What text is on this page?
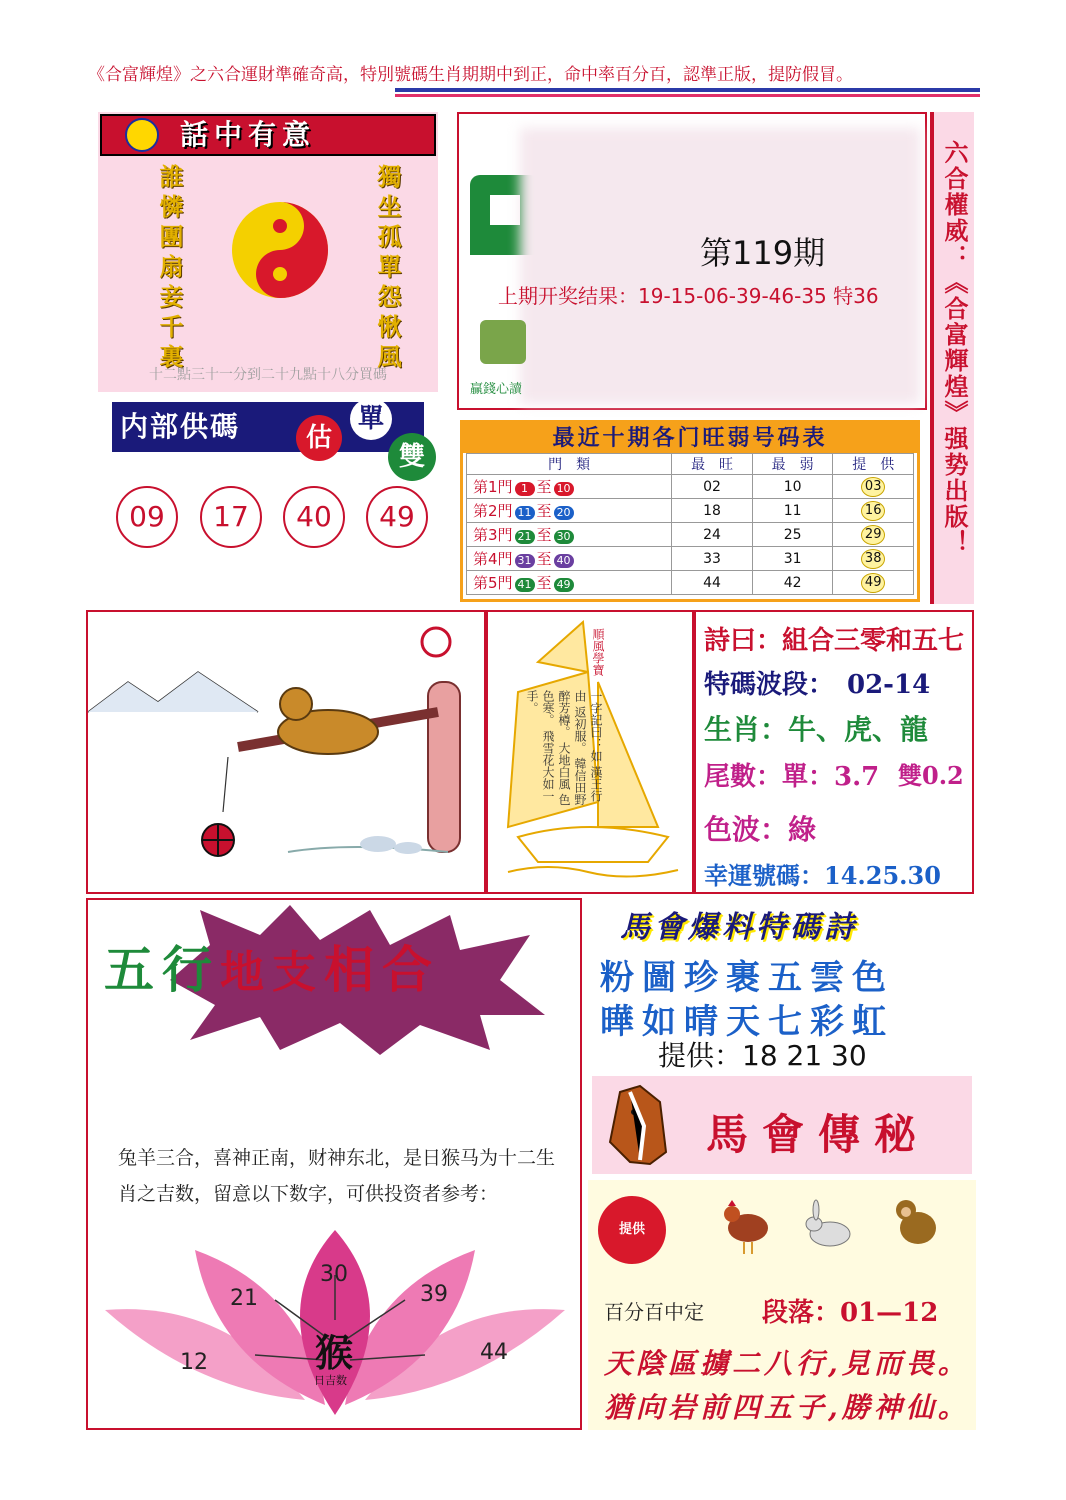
《合富輝煌》之六合運財準確奇高，特別號碼生肖期期中到正，命中率百分百，認準正版，提防假冒。
話中有意
誰憐團扇妾千裏	獨坐孤單怨愀風
十二點三十一分到二十九點十八分買碼
内部供碼	估
單
雙
09	17	40	49
第119期
上期开奖结果：19-15-06-39-46-35 特36
贏錢心讀	六合權威：《合富輝煌》强势出版！
最近十期各门旺弱号码表
門　類	最　旺	最　弱	提　供
第1門 1 至 10	02	10	03
第2門 11 至 20	18	11	16
第3門 21 至 30	24	25	29
第4門 31 至 40	33	31	38
第5門 41 至 49	44	42	49
順風學寶
一字記曰：如 漢王行由 返初服。 韓信田野 醉芳樽。 大地白風 色色寒。 飛雪花大如一手。
詩曰：組合三零和五七
特碼波段：　02-14
生肖：牛、虎、龍
尾數：單：3.7 雙0.2
色波：綠
幸運號碼：14.25.30
五行地支相合
兔羊三合，喜神正南，财神东北，是日猴马为十二生肖之吉数，留意以下数字，可供投资者参考：
12
21
30
39
44
猴
日吉数
馬會爆料特碼詩
粉圖珍裹五雲色
曄如晴天七彩虹
提供：18 21 30
馬會傳秘
提供
百分百中定 段落：01—12
天陰區擄二八行,見而畏。
猶向岩前四五子,勝神仙。
